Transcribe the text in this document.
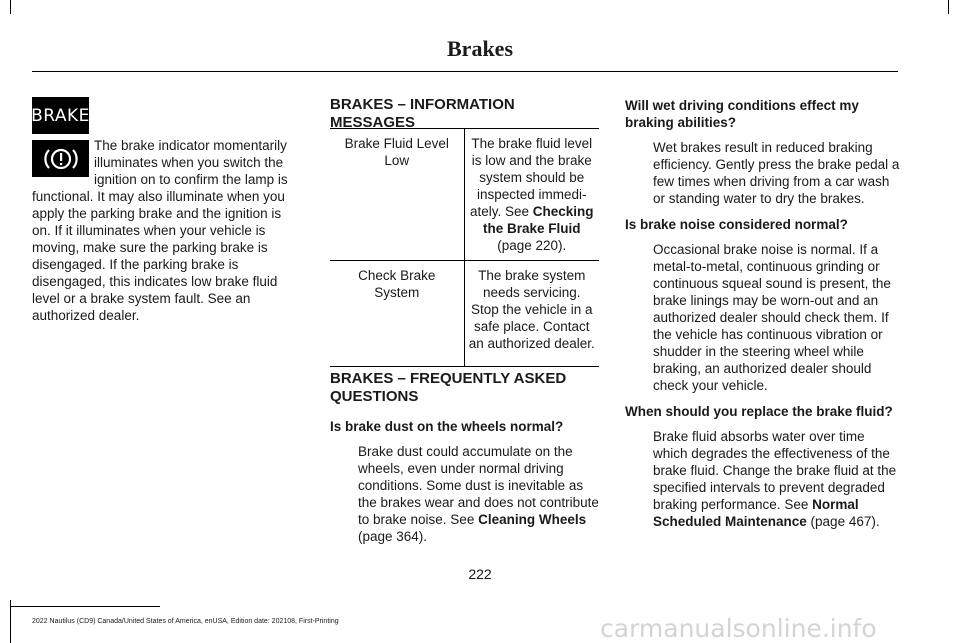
Brakes
BRAKE
The brake indicator momentarily
illuminates when you switch the
ignition on to confirm the lamp is
functional. It may also illuminate when you apply the parking brake and the ignition is on. If it illuminates when your vehicle is moving, make sure the parking brake is disengaged. If the parking brake is disengaged, this indicates low brake fluid level or a brake system fault. See an authorized dealer.
BRAKES – INFORMATION MESSAGES
Brake Fluid Level Low	The brake fluid level is low and the brake system should be inspected immedi-ately. See Checking the Brake Fluid (page 220).
Check Brake System	The brake system needs servicing. Stop the vehicle in a safe place. Contact an authorized dealer.
BRAKES – FREQUENTLY ASKED QUESTIONS
Is brake dust on the wheels normal?
Brake dust could accumulate on the wheels, even under normal driving conditions. Some dust is inevitable as the brakes wear and does not contribute to brake noise. See Cleaning Wheels (page 364).
Will wet driving conditions effect my braking abilities?
Wet brakes result in reduced braking efficiency. Gently press the brake pedal a few times when driving from a car wash or standing water to dry the brakes.
Is brake noise considered normal?
Occasional brake noise is normal. If a metal-to-metal, continuous grinding or continuous squeal sound is present, the brake linings may be worn-out and an authorized dealer should check them. If the vehicle has continuous vibration or shudder in the steering wheel while braking, an authorized dealer should check your vehicle.
When should you replace the brake fluid?
Brake fluid absorbs water over time which degrades the effectiveness of the brake fluid. Change the brake fluid at the specified intervals to prevent degraded braking performance. See Normal Scheduled Maintenance (page 467).
222
2022 Nautilus (CD9) Canada/United States of America, enUSA, Edition date: 202108, First-Printing	carmanualsonline.info
